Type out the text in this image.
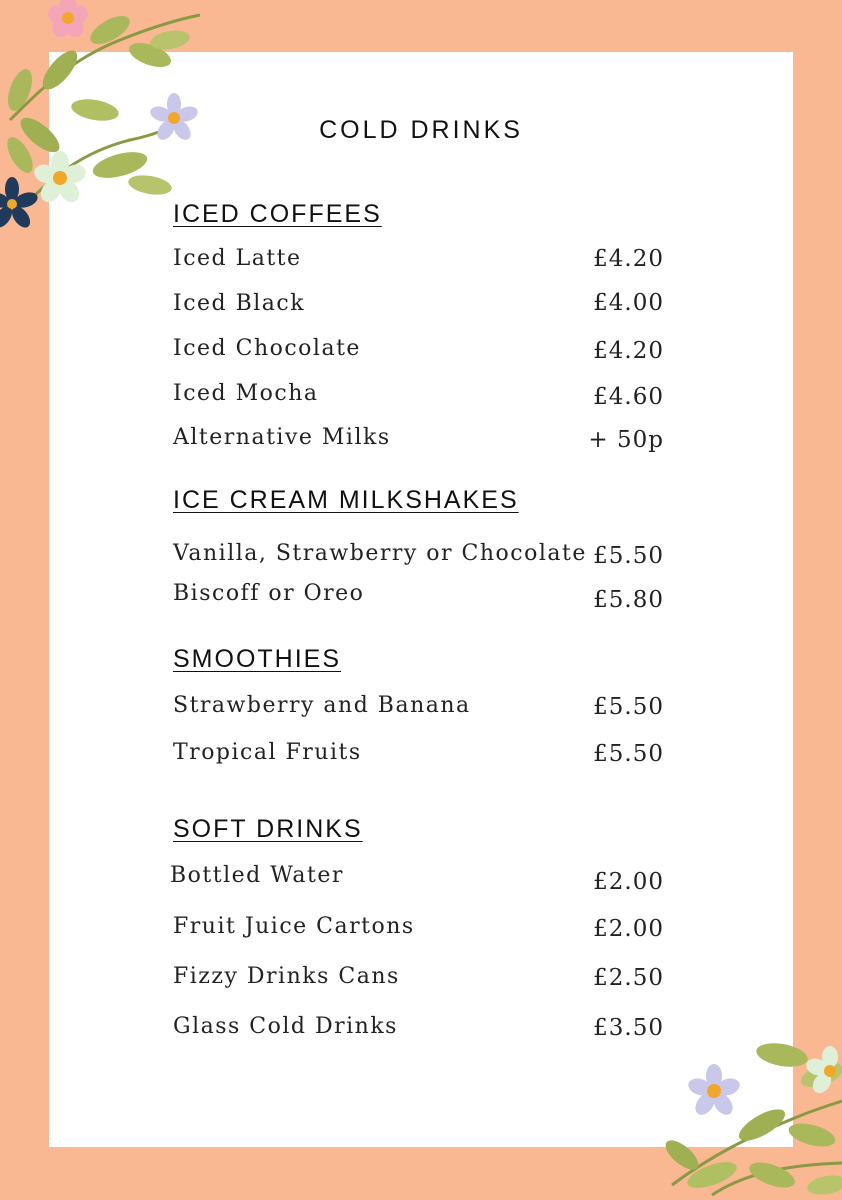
COLD DRINKS
ICED COFFEES
Iced Latte	£4.20
Iced Black	£4.00
Iced Chocolate	£4.20
Iced Mocha	£4.60
Alternative Milks	+ 50p
ICE CREAM MILKSHAKES
Vanilla, Strawberry or Chocolate £5.50
Biscoff or Oreo	£5.80
SMOOTHIES
Strawberry and Banana	£5.50
Tropical Fruits	£5.50
SOFT DRINKS
Bottled Water	£2.00
Fruit Juice Cartons	£2.00
Fizzy Drinks Cans	£2.50
Glass Cold Drinks	£3.50
